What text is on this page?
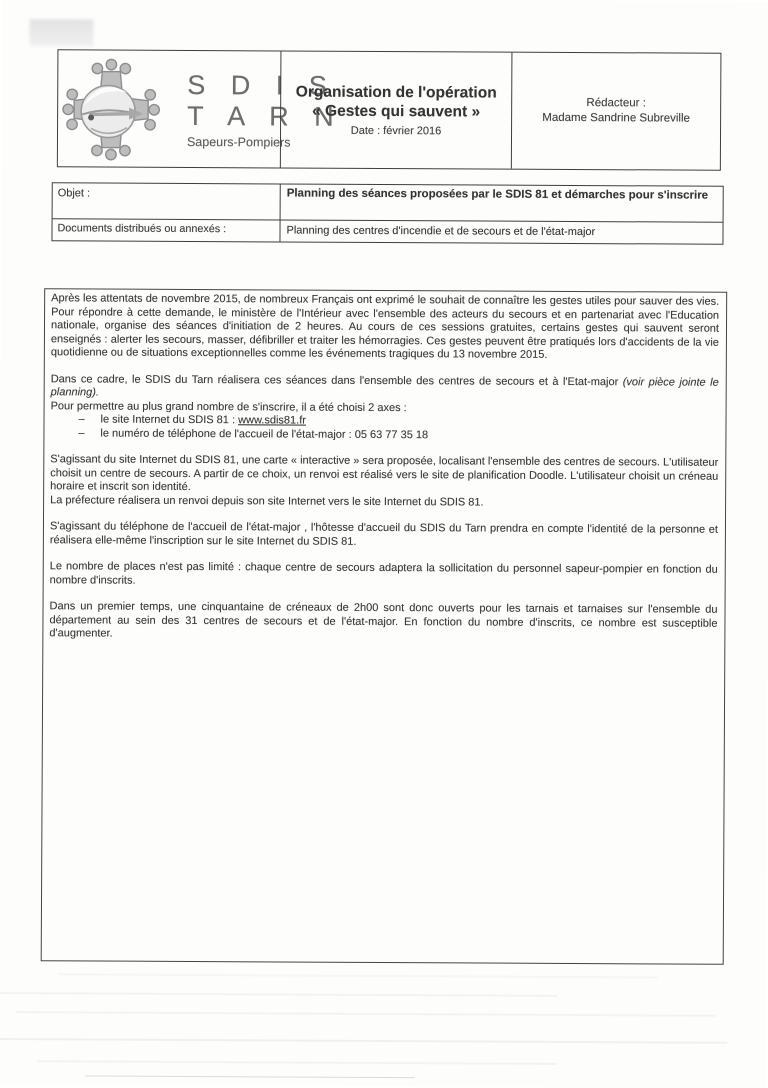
S D I S
T A R N
Sapeurs-Pompiers
Organisation de l'opération
« Gestes qui sauvent »
Date : février 2016
Rédacteur :
Madame Sandrine Subreville
Objet :	Planning des séances proposées par le SDIS 81 et démarches pour s'inscrire
Documents distribués ou annexés :	Planning des centres d'incendie et de secours et de l'état-major
Après les attentats de novembre 2015, de nombreux Français ont exprimé le souhait de connaître les gestes utiles pour sauver des vies. Pour répondre à cette demande, le ministère de l'Intérieur avec l'ensemble des acteurs du secours et en partenariat avec l'Education nationale, organise des séances d'initiation de 2 heures. Au cours de ces sessions gratuites, certains gestes qui sauvent seront enseignés : alerter les secours, masser, défibriller et traiter les hémorragies. Ces gestes peuvent être pratiqués lors d'accidents de la vie quotidienne ou de situations exceptionnelles comme les événements tragiques du 13 novembre 2015.
Dans ce cadre, le SDIS du Tarn réalisera ces séances dans l'ensemble des centres de secours et à l'Etat-major (voir pièce jointe le planning).
Pour permettre au plus grand nombre de s'inscrire, il a été choisi 2 axes :
–	le site Internet du SDIS 81 : www.sdis81.fr
–	le numéro de téléphone de l'accueil de l'état-major : 05 63 77 35 18
S'agissant du site Internet du SDIS 81, une carte « interactive » sera proposée, localisant l'ensemble des centres de secours. L'utilisateur choisit un centre de secours. A partir de ce choix, un renvoi est réalisé vers le site de planification Doodle. L'utilisateur choisit un créneau horaire et inscrit son identité.
La préfecture réalisera un renvoi depuis son site Internet vers le site Internet du SDIS 81.
S'agissant du téléphone de l'accueil de l'état-major , l'hôtesse d'accueil du SDIS du Tarn prendra en compte l'identité de la personne et réalisera elle-même l'inscription sur le site Internet du SDIS 81.
Le nombre de places n'est pas limité : chaque centre de secours adaptera la sollicitation du personnel sapeur-pompier en fonction du nombre d'inscrits.
Dans un premier temps, une cinquantaine de créneaux de 2h00 sont donc ouverts pour les tarnais et tarnaises sur l'ensemble du département au sein des 31 centres de secours et de l'état-major. En fonction du nombre d'inscrits, ce nombre est susceptible d'augmenter.
